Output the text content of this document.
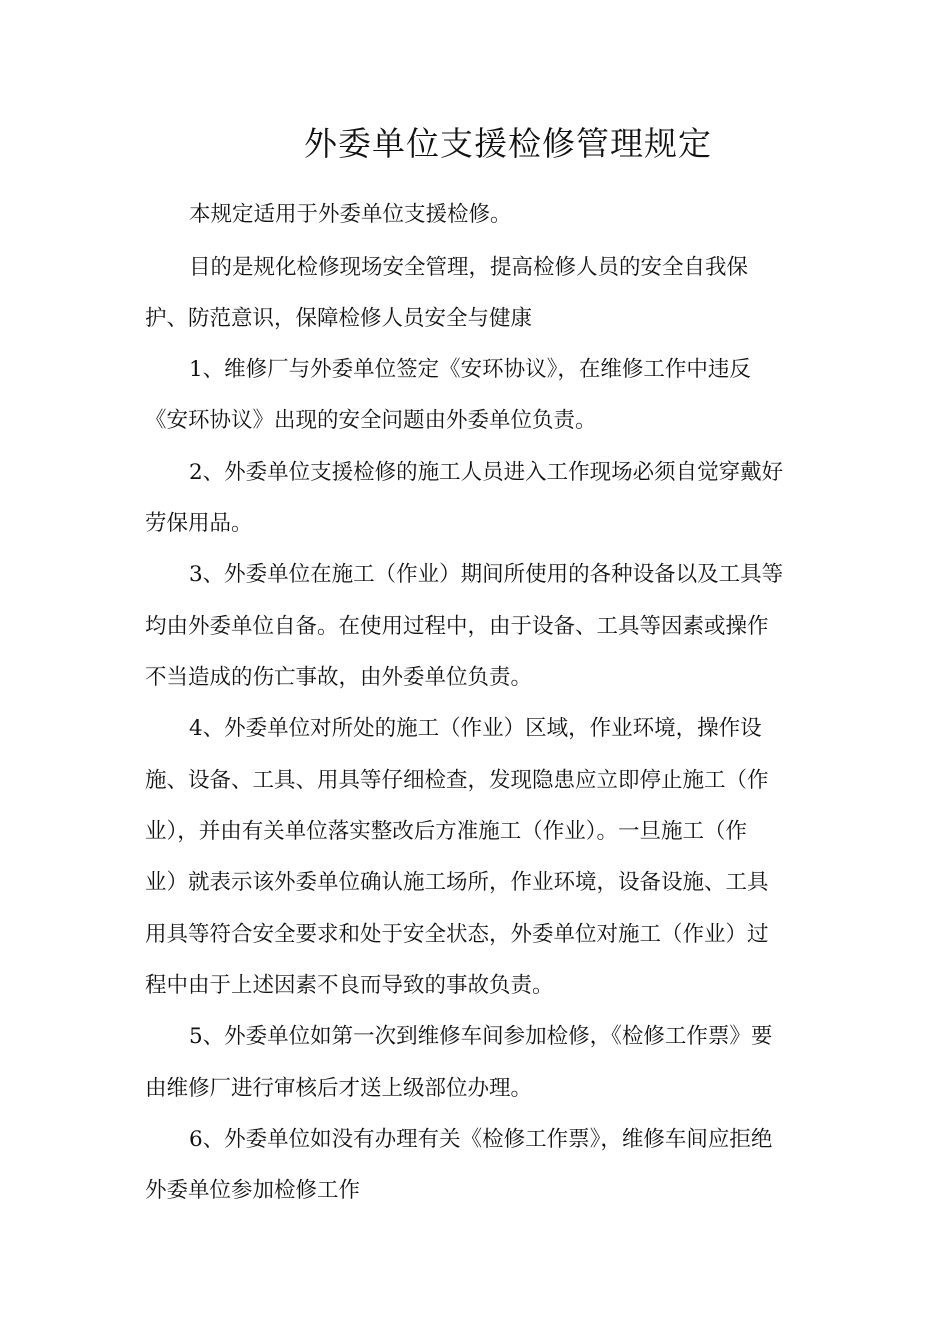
外委单位支援检修管理规定

本规定适用于外委单位支援检修。

目的是规化检修现场安全管理，提高检修人员的安全自我保

护、防范意识，保障检修人员安全与健康

1、维修厂与外委单位签定《安环协议》，在维修工作中违反

《安环协议》出现的安全问题由外委单位负责。

2、外委单位支援检修的施工人员进入工作现场必须自觉穿戴好

劳保用品。

3、外委单位在施工（作业）期间所使用的各种设备以及工具等

均由外委单位自备。在使用过程中，由于设备、工具等因素或操作

不当造成的伤亡事故，由外委单位负责。

4、外委单位对所处的施工（作业）区域，作业环境，操作设

施、设备、工具、用具等仔细检查，发现隐患应立即停止施工（作

业），并由有关单位落实整改后方准施工（作业）。一旦施工（作

业）就表示该外委单位确认施工场所，作业环境，设备设施、工具

用具等符合安全要求和处于安全状态，外委单位对施工（作业）过

程中由于上述因素不良而导致的事故负责。

5、外委单位如第一次到维修车间参加检修，《检修工作票》要

由维修厂进行审核后才送上级部位办理。

6、外委单位如没有办理有关《检修工作票》，维修车间应拒绝

外委单位参加检修工作
